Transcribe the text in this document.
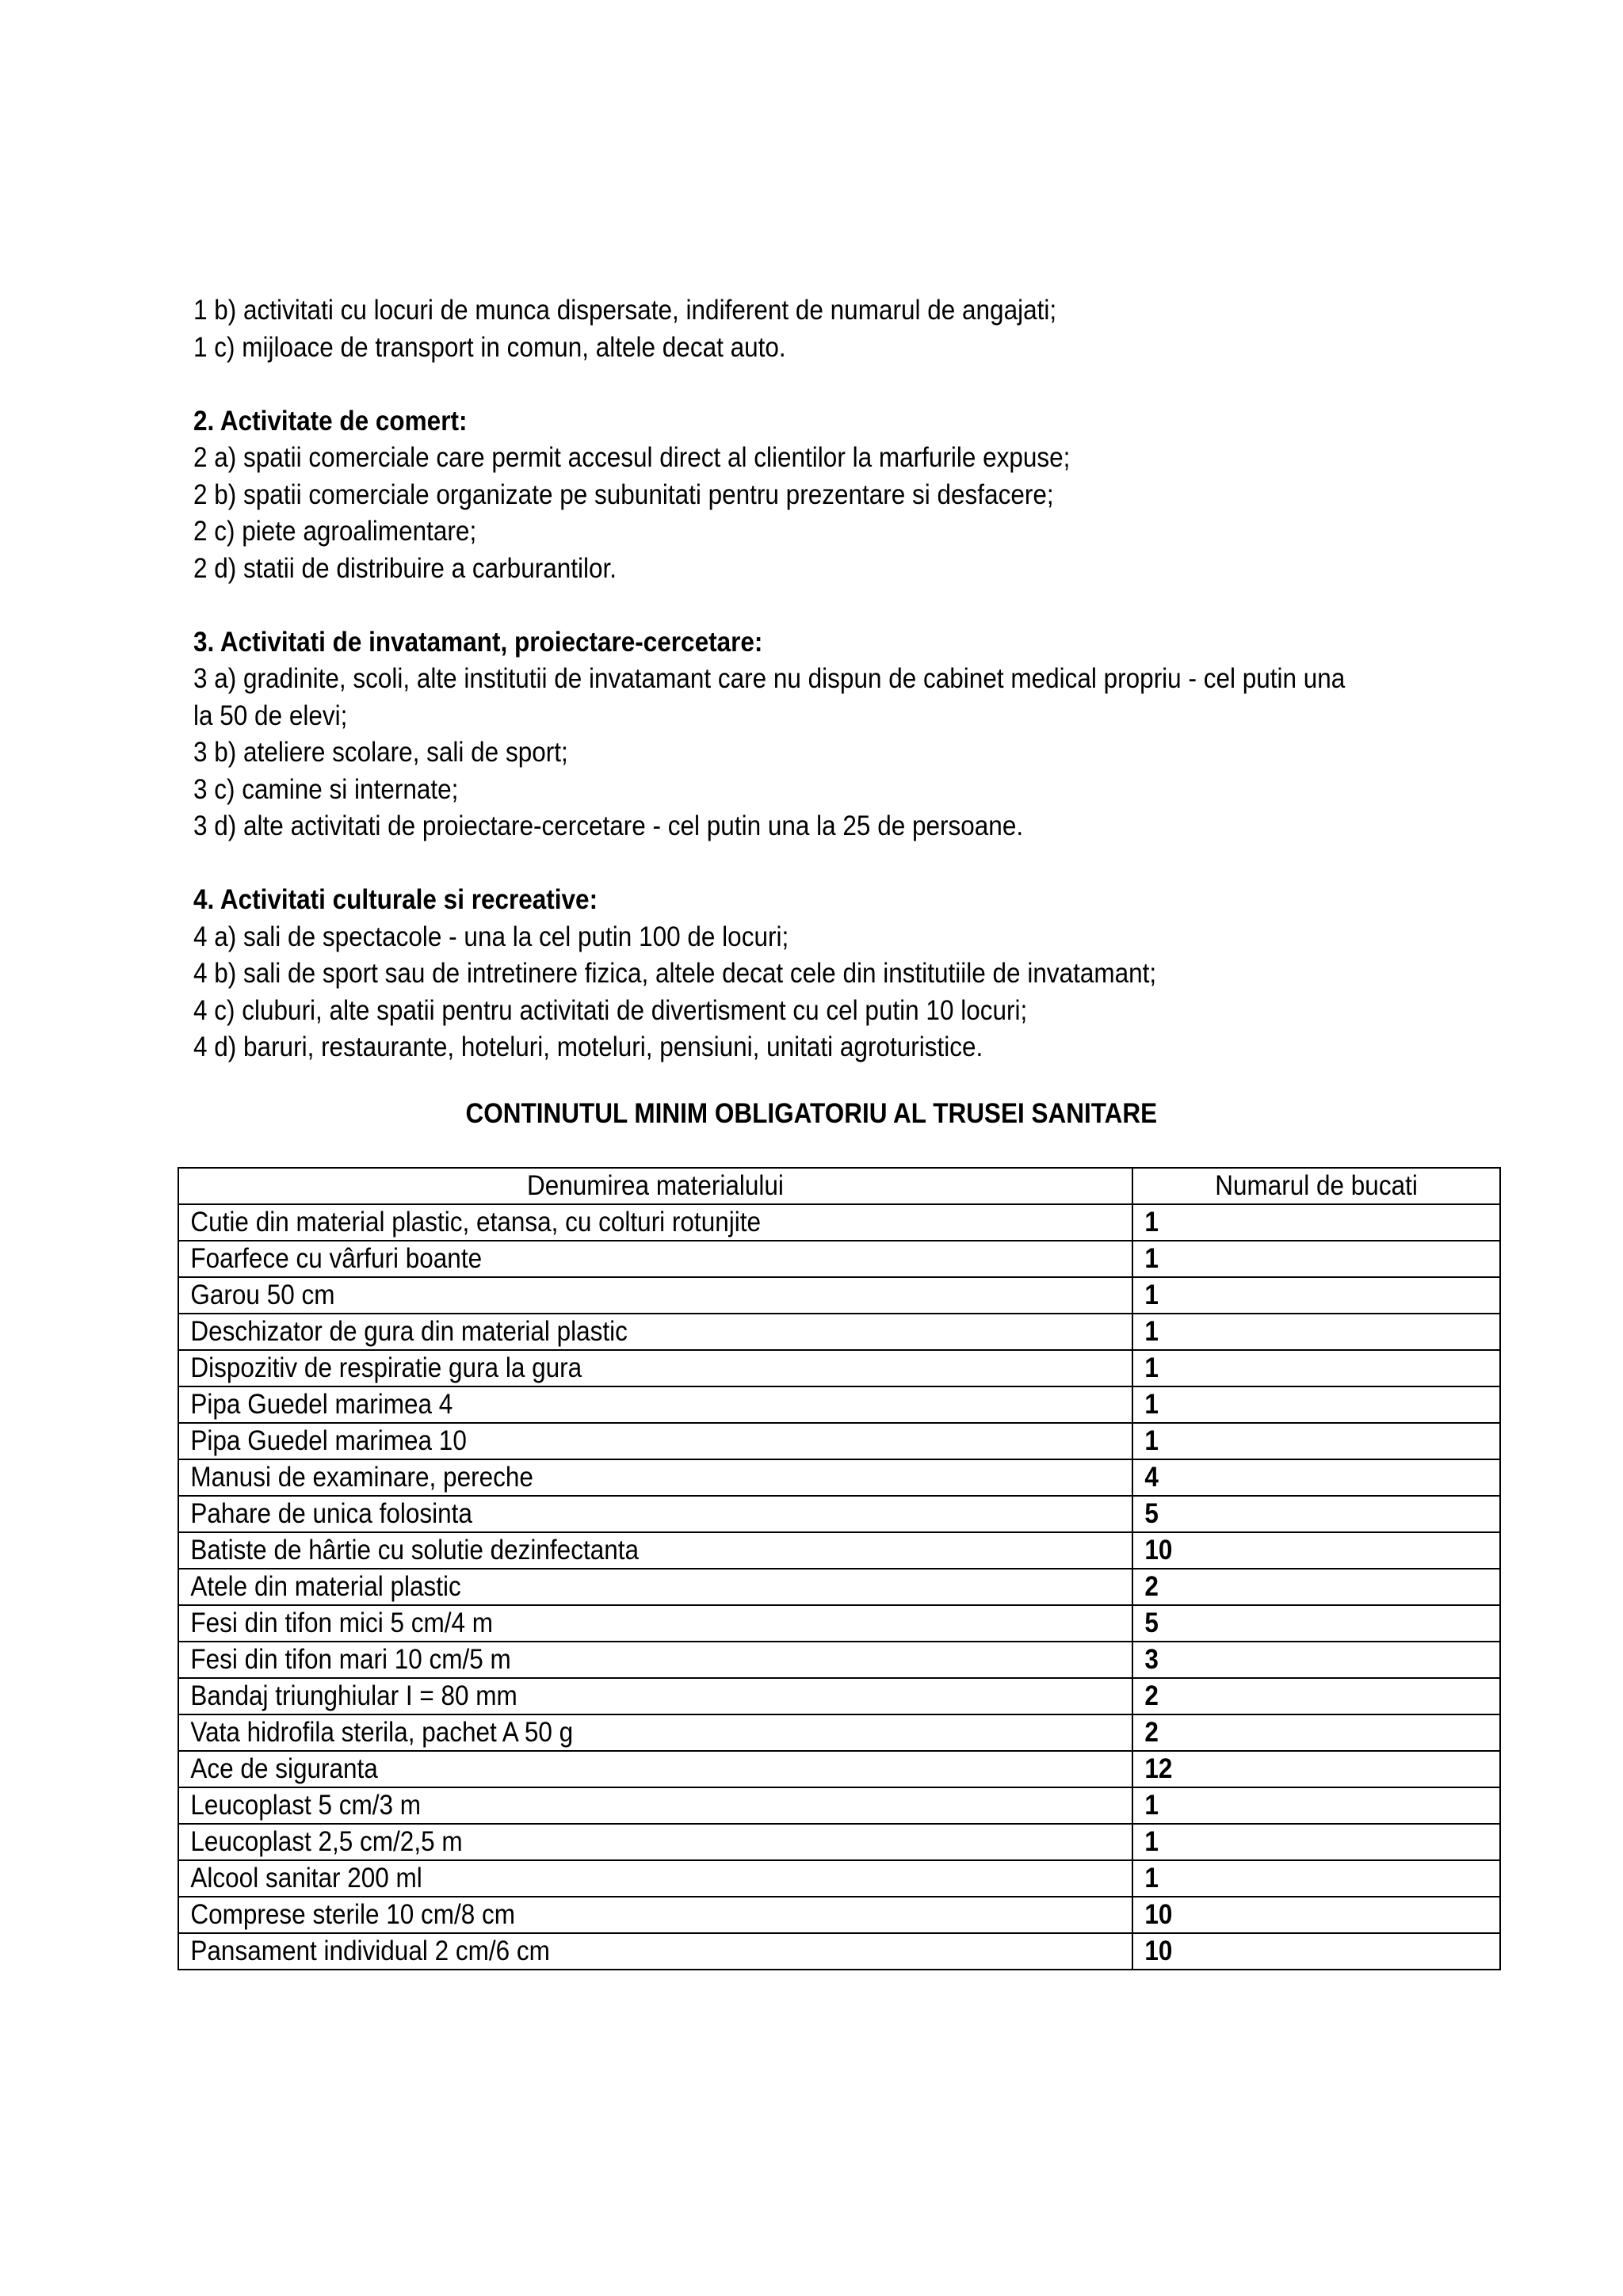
1 b) activitati cu locuri de munca dispersate, indiferent de numarul de angajati;
1 c) mijloace de transport in comun, altele decat auto.
2. Activitate de comert:
2 a) spatii comerciale care permit accesul direct al clientilor la marfurile expuse;
2 b) spatii comerciale organizate pe subunitati pentru prezentare si desfacere;
2 c) piete agroalimentare;
2 d) statii de distribuire a carburantilor.
3. Activitati de invatamant, proiectare-cercetare:
3 a) gradinite, scoli, alte institutii de invatamant care nu dispun de cabinet medical propriu - cel putin una la 50 de elevi;
3 b) ateliere scolare, sali de sport;
3 c) camine si internate;
3 d) alte activitati de proiectare-cercetare - cel putin una la 25 de persoane.
4. Activitati culturale si recreative:
4 a) sali de spectacole - una la cel putin 100 de locuri;
4 b) sali de sport sau de intretinere fizica, altele decat cele din institutiile de invatamant;
4 c) cluburi, alte spatii pentru activitati de divertisment cu cel putin 10 locuri;
4 d) baruri, restaurante, hoteluri, moteluri, pensiuni, unitati agroturistice.
CONTINUTUL MINIM OBLIGATORIU AL TRUSEI SANITARE
Denumirea materialului	Numarul de bucati
Cutie din material plastic, etansa, cu colturi rotunjite	1
Foarfece cu vârfuri boante	1
Garou 50 cm	1
Deschizator de gura din material plastic	1
Dispozitiv de respiratie gura la gura	1
Pipa Guedel marimea 4	1
Pipa Guedel marimea 10	1
Manusi de examinare, pereche	4
Pahare de unica folosinta	5
Batiste de hârtie cu solutie dezinfectanta	10
Atele din material plastic	2
Fesi din tifon mici 5 cm/4 m	5
Fesi din tifon mari 10 cm/5 m	3
Bandaj triunghiular I = 80 mm	2
Vata hidrofila sterila, pachet A 50 g	2
Ace de siguranta	12
Leucoplast 5 cm/3 m	1
Leucoplast 2,5 cm/2,5 m	1
Alcool sanitar 200 ml	1
Comprese sterile 10 cm/8 cm	10
Pansament individual 2 cm/6 cm	10
